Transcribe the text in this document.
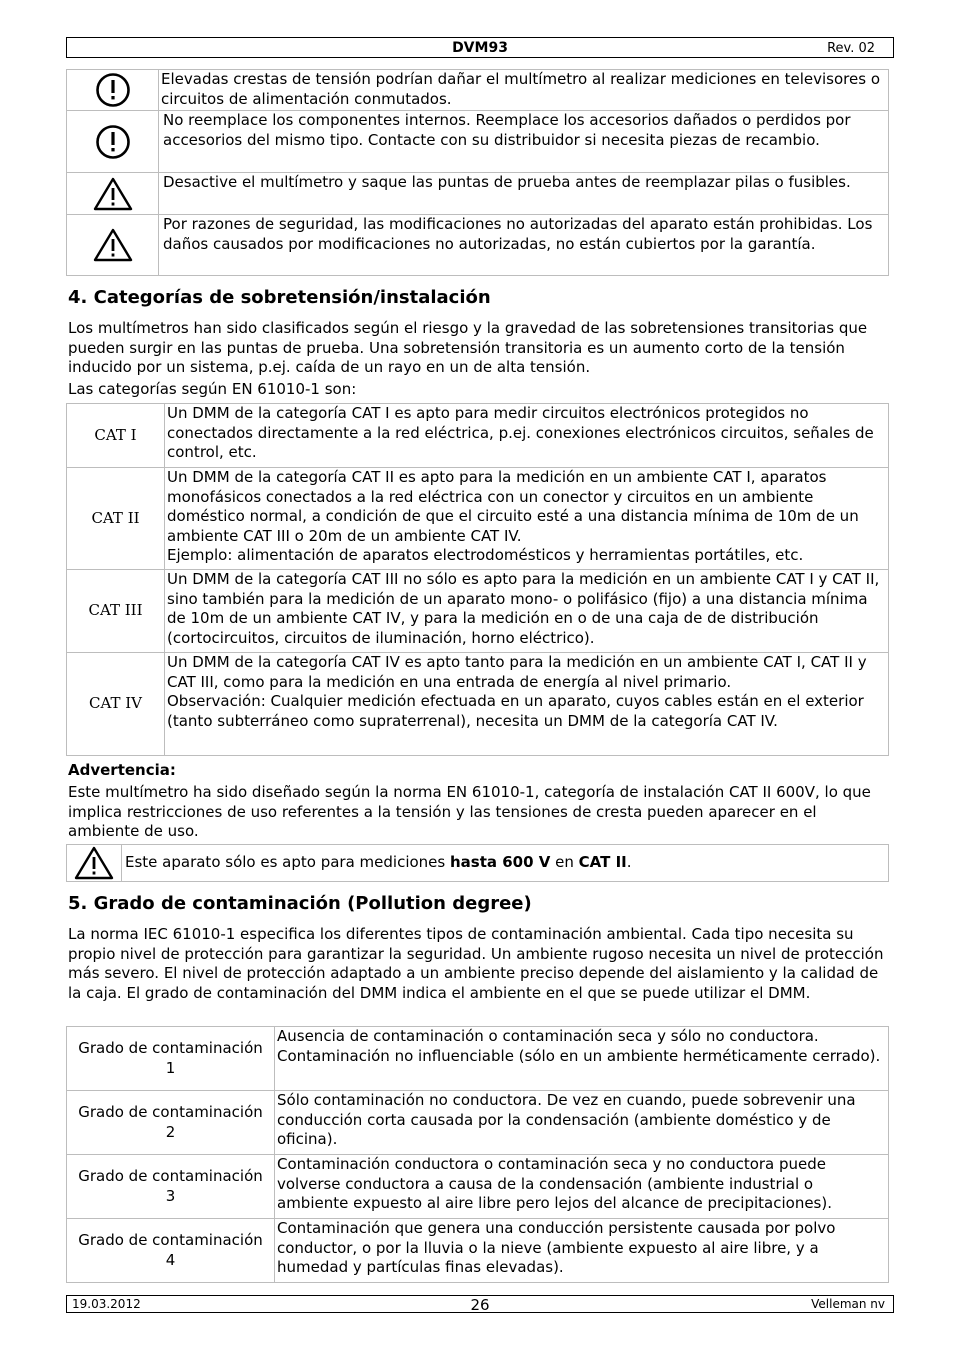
DVM93	Rev. 02
	Elevadas crestas de tensión podrían dañar el multímetro al realizar mediciones en televisores o circuitos de alimentación conmutados.

	No reemplace los componentes internos. Reemplace los accesorios dañados o perdidos por accesorios del mismo tipo. Contacte con su distribuidor si necesita piezas de recambio.

	Desactive el multímetro y saque las puntas de prueba antes de reemplazar pilas o fusibles.

	Por razones de seguridad, las modificaciones no autorizadas del aparato están prohibidas. Los daños causados por modificaciones no autorizadas, no están cubiertos por la garantía.
4. Categorías de sobretensión/instalación
Los multímetros han sido clasificados según el riesgo y la gravedad de las sobretensiones transitorias que pueden surgir en las puntas de prueba. Una sobretensión transitoria es un aumento corto de la tensión inducido por un sistema, p.ej. caída de un rayo en un de alta tensión.
Las categorías según EN 61010-1 son:
CAT I	Un DMM de la categoría CAT I es apto para medir circuitos electrónicos protegidos no conectados directamente a la red eléctrica, p.ej. conexiones electrónicos circuitos, señales de control, etc.
CAT II	Un DMM de la categoría CAT II es apto para la medición en un ambiente CAT I, aparatos monofásicos conectados a la red eléctrica con un conector y circuitos en un ambiente doméstico normal, a condición de que el circuito esté a una distancia mínima de 10m de un ambiente CAT III o 20m de un ambiente CAT IV.
Ejemplo: alimentación de aparatos electrodomésticos y herramientas portátiles, etc.

CAT III	Un DMM de la categoría CAT III no sólo es apto para la medición en un ambiente CAT I y CAT II, sino también para la medición de un aparato mono- o polifásico (fijo) a una distancia mínima de 10m de un ambiente CAT IV, y para la medición en o de una caja de de distribución (cortocircuitos, circuitos de iluminación, horno eléctrico).
CAT IV	Un DMM de la categoría CAT IV es apto tanto para la medición en un ambiente CAT I, CAT II y CAT III, como para la medición en una entrada de energía al nivel primario.
Observación: Cualquier medición efectuada en un aparato, cuyos cables están en el exterior (tanto subterráneo como supraterrenal), necesita un DMM de la categoría CAT IV.
Advertencia:
Este multímetro ha sido diseñado según la norma EN 61010-1, categoría de instalación CAT II 600V, lo que implica restricciones de uso referentes a la tensión y las tensiones de cresta pueden aparecer en el ambiente de uso.
	Este aparato sólo es apto para mediciones hasta 600 V en CAT II.
5. Grado de contaminación (Pollution degree)
La norma IEC 61010-1 especifica los diferentes tipos de contaminación ambiental. Cada tipo necesita su propio nivel de protección para garantizar la seguridad. Un ambiente rugoso necesita un nivel de protección más severo. El nivel de protección adaptado a un ambiente preciso depende del aislamiento y la calidad de la caja. El grado de contaminación del DMM indica el ambiente en el que se puede utilizar el DMM.
Grado de contaminación
1	Ausencia de contaminación o contaminación seca y sólo no conductora. Contaminación no influenciable (sólo en un ambiente herméticamente cerrado).

Grado de contaminación
2	Sólo contaminación no conductora. De vez en cuando, puede sobrevenir una conducción corta causada por la condensación (ambiente doméstico y de oficina).

Grado de contaminación
3	Contaminación conductora o contaminación seca y no conductora puede volverse conductora a causa de la condensación (ambiente industrial o ambiente expuesto al aire libre pero lejos del alcance de precipitaciones).

Grado de contaminación
4	Contaminación que genera una conducción persistente causada por polvo conductor, o por la lluvia o la nieve (ambiente expuesto al aire libre, y a humedad y partículas finas elevadas).
19.03.2012	26	Velleman nv
